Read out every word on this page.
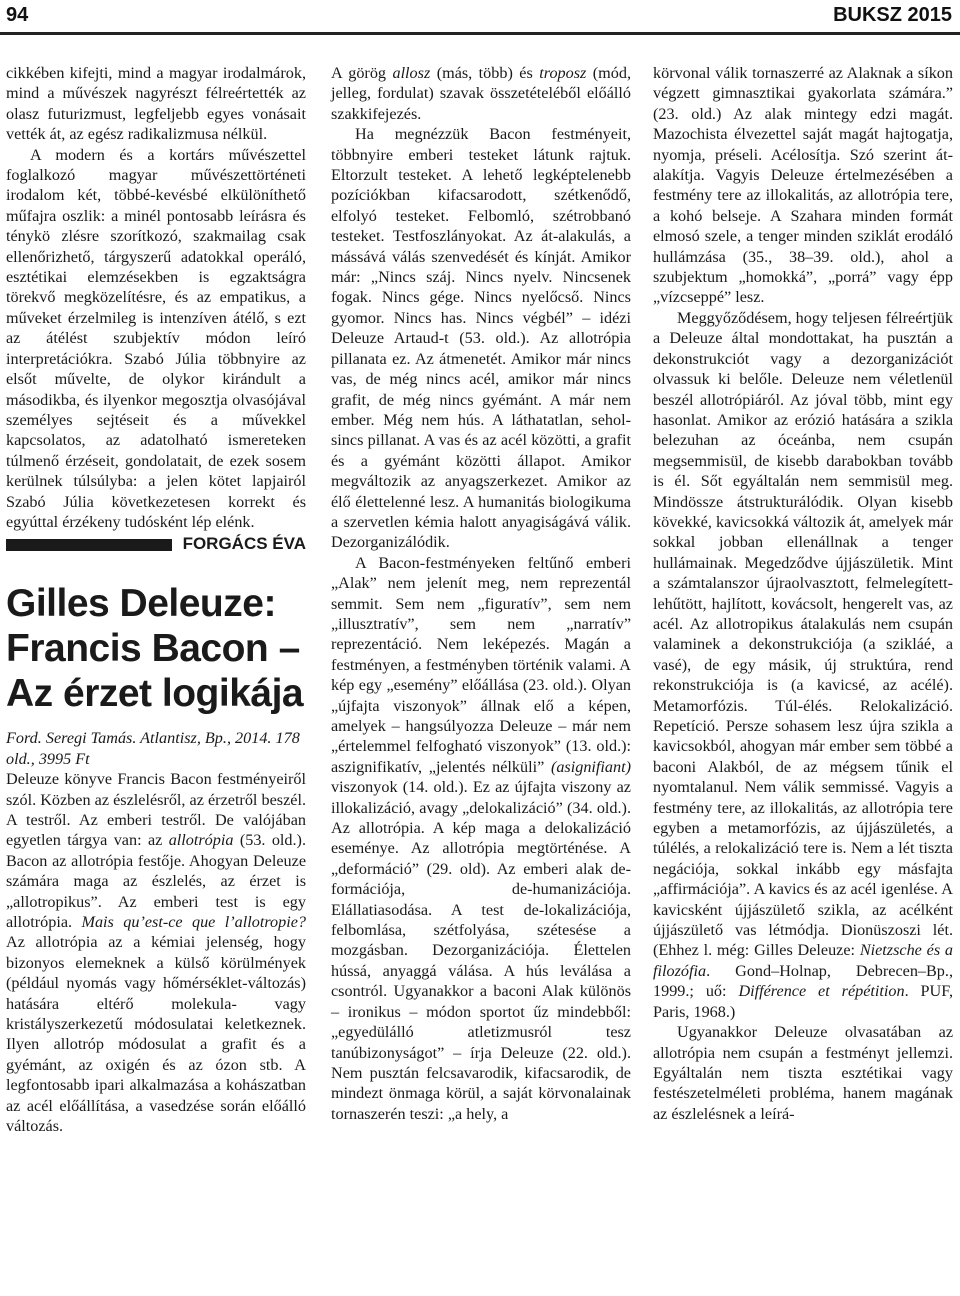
94	BUKSZ 2015

cikkében kifejti, mind a magyar irodalmárok, mind a művészek nagyrészt félreértették az olasz futurizmust, legfeljebb egyes vonásait vették át, az egész radikalizmusa nélkül.

A modern és a kortárs művészettel foglalkozó magyar művészettörténeti irodalom két, többé-kevésbé elkülöníthető műfajra oszlik: a minél pontosabb leírásra és ténykö zlésre szorítkozó, szakmailag csak ellenőrizhető, tárgyszerű adatokkal operáló, esztétikai elemzésekben is egzaktságra törekvő megközelítésre, és az empatikus, a műveket érzelmileg is intenzíven átélő, s ezt az átélést szubjektív módon leíró interpretációkra. Szabó Júlia többnyire az elsőt művelte, de olykor kirándult a másodikba, és ilyenkor megosztja olvasójával személyes sejtéseit és a művekkel kapcsolatos, az adatolható ismereteken túlmenő érzéseit, gondolatait, de ezek sosem kerülnek túlsúlyba: a jelen kötet lapjairól Szabó Júlia következetesen korrekt és egyúttal érzékeny tudósként lép elénk.

FORGÁCS ÉVA
Gilles Deleuze: Francis Bacon – Az érzet logikája

Ford. Seregi Tamás. Atlantisz, Bp., 2014. 178 old., 3995 Ft

Deleuze könyve Francis Bacon festményeiről szól. Közben az észlelésről, az érzetről beszél. A testről. Az emberi testről. De valójában egyetlen tárgya van: az allotrópia (53. old.). Bacon az allotrópia festője. Ahogyan Deleuze számára maga az észlelés, az érzet is „allotropikus”. Az emberi test is egy allotrópia. Mais qu’est-ce que l’allotropie? Az allotrópia az a kémiai jelenség, hogy bizonyos elemeknek a külső körülmények (például nyomás vagy hőmérséklet-változás) hatására eltérő molekula- vagy kristályszerkezetű módosulatai keletkeznek. Ilyen allotróp módosulat a grafit és a gyémánt, az oxigén és az ózon stb. A legfontosabb ipari alkalmazása a kohászatban az acél előállítása, a vasedzése során előálló változás.

A görög allosz (más, több) és troposz (mód, jelleg, fordulat) szavak összetételéből előálló szakkifejezés.

Ha megnézzük Bacon festményeit, többnyire emberi testeket látunk rajtuk. Eltorzult testeket. A lehető legképtelenebb pozíciókban kifacsarodott, szétkenődő, elfolyó testeket. Felbomló, szétrobbanó testeket. Testfoszlányokat. Az át-alakulás, a mássává válás szenvedését és kínját. Amikor már: „Nincs száj. Nincs nyelv. Nincsenek fogak. Nincs gége. Nincs nyelőcső. Nincs gyomor. Nincs has. Nincs végbél” – idézi Deleuze Artaud-t (53. old.). Az allotrópia pillanata ez. Az átmenetét. Amikor már nincs vas, de még nincs acél, amikor már nincs grafit, de még nincs gyémánt. A már nem ember. Még nem hús. A láthatatlan, sehol-sincs pillanat. A vas és az acél közötti, a grafit és a gyémánt közötti állapot. Amikor megváltozik az anyagszerkezet. Amikor az élő élettelenné lesz. A humanitás biologikuma a szervetlen kémia halott anyagiságává válik. Dezorganizálódik.

A Bacon-festményeken feltűnő emberi „Alak” nem jelenít meg, nem reprezentál semmit. Sem nem „figuratív”, sem nem „illusztratív”, sem nem „narratív” reprezentáció. Nem leképezés. Magán a festményen, a festményben történik valami. A kép egy „esemény” előállása (23. old.). Olyan „újfajta viszonyok” állnak elő a képen, amelyek – hangsúlyozza Deleuze – már nem „értelemmel felfogható viszonyok” (13. old.): aszignifikatív, „jelentés nélküli” (asignifiant) viszonyok (14. old.). Ez az újfajta viszony az illokalizáció, avagy „delokalizáció” (34. old.). Az allotrópia. A kép maga a delokalizáció eseménye. Az allotrópia megtörténése. A „deformáció” (29. old). Az emberi alak de-formációja, de-humanizációja. Elállatiasodása. A test de-lokalizációja, felbomlása, szétfolyása, szétesése a mozgásban. Dezorganizációja. Élettelen hússá, anyaggá válása. A hús leválása a csontról. Ugyanakkor a baconi Alak különös – ironikus – módon sportot űz mindebből: „egyedülálló atletizmusról tesz tanúbizonyságot” – írja Deleuze (22. old.). Nem pusztán felcsavarodik, kifacsarodik, de mindezt önmaga körül, a saját körvonalainak tornaszerén teszi: „a hely, a

körvonal válik tornaszerré az Alaknak a síkon végzett gimnasztikai gyakorlata számára.” (23. old.) Az alak mintegy edzi magát. Mazochista élvezettel saját magát hajtogatja, nyomja, préseli. Acélosítja. Szó szerint át-alakítja. Vagyis Deleuze értelmezésében a festmény tere az illokalitás, az allotrópia tere, a kohó belseje. A Szahara minden formát elmosó szele, a tenger minden sziklát erodáló hullámzása (35., 38–39. old.), ahol a szubjektum „homokká”, „porrá” vagy épp „vízcseppé” lesz.

Meggyőződésem, hogy teljesen félreértjük a Deleuze által mondottakat, ha pusztán a dekonstrukciót vagy a dezorganizációt olvassuk ki belőle. Deleuze nem véletlenül beszél allotrópiáról. Az jóval több, mint egy hasonlat. Amikor az erózió hatására a szikla belezuhan az óceánba, nem csupán megsemmisül, de kisebb darabokban tovább is él. Sőt egyáltalán nem semmisül meg. Mindössze átstrukturálódik. Olyan kisebb kövekké, kavicsokká változik át, amelyek már sokkal jobban ellenállnak a tenger hullámainak. Megedződve újjászületik. Mint a számtalanszor újraolvasztott, felmelegített-lehűtött, hajlított, kovácsolt, hengerelt vas, az acél. Az allotropikus átalakulás nem csupán valaminek a dekonstrukciója (a szikláé, a vasé), de egy másik, új struktúra, rend rekonstrukciója is (a kavicsé, az acélé). Metamorfózis. Túl-élés. Relokalizáció. Repetíció. Persze sohasem lesz újra szikla a kavicsokból, ahogyan már ember sem többé a baconi Alakból, de az mégsem tűnik el nyomtalanul. Nem válik semmissé. Vagyis a festmény tere, az illokalitás, az allotrópia tere egyben a metamorfózis, az újjászületés, a túlélés, a relokalizáció tere is. Nem a lét tiszta negációja, sokkal inkább egy másfajta „affirmációja”. A kavics és az acél igenlése. A kavicsként újjászülető szikla, az acélként újjászülető vas létmódja. Dionüszoszi lét. (Ehhez l. még: Gilles Deleuze: Nietzsche és a filozófia. Gond–Holnap, Debrecen–Bp., 1999.; uő: Différence et répétition. PUF, Paris, 1968.)

Ugyanakkor Deleuze olvasatában az allotrópia nem csupán a festményt jellemzi. Egyáltalán nem tiszta esztétikai vagy festészetelméleti probléma, hanem magának az észlelésnek a leírá-
